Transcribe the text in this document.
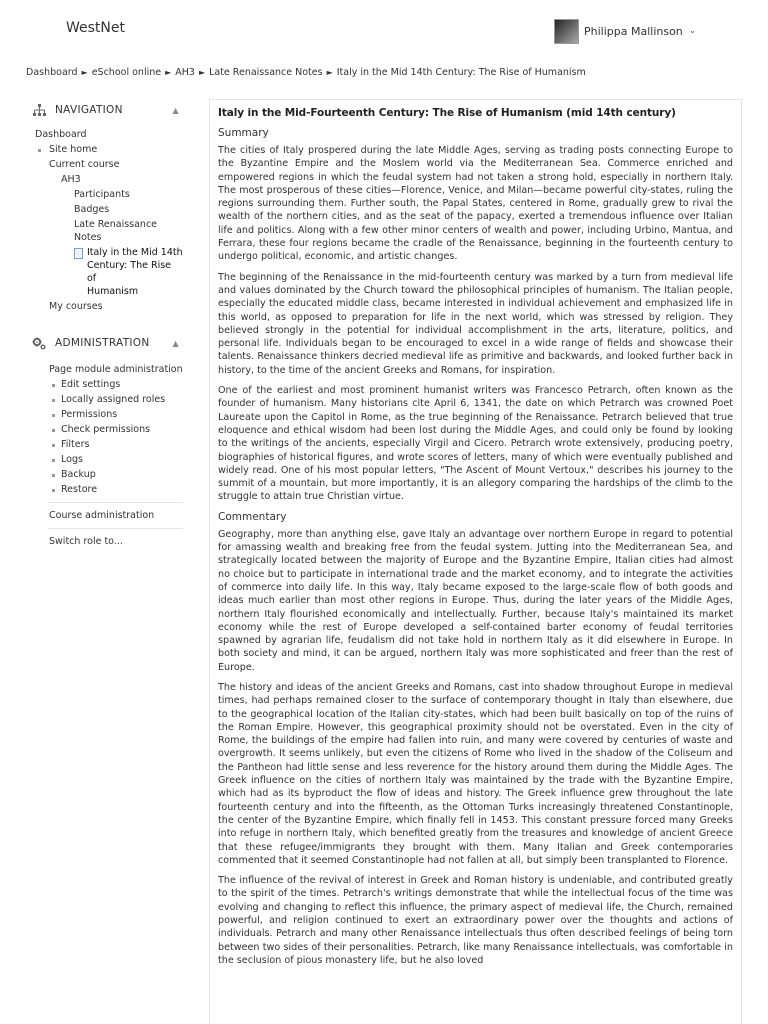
WestNet	Philippa Mallinson ⌄
Dashboard ► eSchool online ► AH3 ► Late Renaissance Notes ► Italy in the Mid 14th Century: The Rise of Humanism
NAVIGATION	▲
Dashboard
Site home
Current course
AH3
Participants
Badges
Late Renaissance Notes
Italy in the Mid 14th
Century: The Rise of
Humanism
My courses
ADMINISTRATION	▲
Page module administration
Edit settings
Locally assigned roles
Permissions
Check permissions
Filters
Logs
Backup
Restore
Course administration
Switch role to...
Italy in the Mid-Fourteenth Century: The Rise of Humanism (mid 14th century)
Summary

The cities of Italy prospered during the late Middle Ages, serving as trading posts connecting Europe to the Byzantine Empire and the Moslem world via the Mediterranean Sea. Commerce enriched and empowered regions in which the feudal system had not taken a strong hold, especially in northern Italy. The most prosperous of these cities—Florence, Venice, and Milan—became powerful city-states, ruling the regions surrounding them. Further south, the Papal States, centered in Rome, gradually grew to rival the wealth of the northern cities, and as the seat of the papacy, exerted a tremendous influence over Italian life and politics. Along with a few other minor centers of wealth and power, including Urbino, Mantua, and Ferrara, these four regions became the cradle of the Renaissance, beginning in the fourteenth century to undergo political, economic, and artistic changes.

The beginning of the Renaissance in the mid-fourteenth century was marked by a turn from medieval life and values dominated by the Church toward the philosophical principles of humanism. The Italian people, especially the educated middle class, became interested in individual achievement and emphasized life in this world, as opposed to preparation for life in the next world, which was stressed by religion. They believed strongly in the potential for individual accomplishment in the arts, literature, politics, and personal life. Individuals began to be encouraged to excel in a wide range of fields and showcase their talents. Renaissance thinkers decried medieval life as primitive and backwards, and looked further back in history, to the time of the ancient Greeks and Romans, for inspiration.

One of the earliest and most prominent humanist writers was Francesco Petrarch, often known as the founder of humanism. Many historians cite April 6, 1341, the date on which Petrarch was crowned Poet Laureate upon the Capitol in Rome, as the true beginning of the Renaissance. Petrarch believed that true eloquence and ethical wisdom had been lost during the Middle Ages, and could only be found by looking to the writings of the ancients, especially Virgil and Cicero. Petrarch wrote extensively, producing poetry, biographies of historical figures, and wrote scores of letters, many of which were eventually published and widely read. One of his most popular letters, "The Ascent of Mount Vertoux," describes his journey to the summit of a mountain, but more importantly, it is an allegory comparing the hardships of the climb to the struggle to attain true Christian virtue.

Commentary

Geography, more than anything else, gave Italy an advantage over northern Europe in regard to potential for amassing wealth and breaking free from the feudal system. Jutting into the Mediterranean Sea, and strategically located between the majority of Europe and the Byzantine Empire, Italian cities had almost no choice but to participate in international trade and the market economy, and to integrate the activities of commerce into daily life. In this way, Italy became exposed to the large-scale flow of both goods and ideas much earlier than most other regions in Europe. Thus, during the later years of the Middle Ages, northern Italy flourished economically and intellectually. Further, because Italy's maintained its market economy while the rest of Europe developed a self-contained barter economy of feudal territories spawned by agrarian life, feudalism did not take hold in northern Italy as it did elsewhere in Europe. In both society and mind, it can be argued, northern Italy was more sophisticated and freer than the rest of Europe.

The history and ideas of the ancient Greeks and Romans, cast into shadow throughout Europe in medieval times, had perhaps remained closer to the surface of contemporary thought in Italy than elsewhere, due to the geographical location of the Italian city-states, which had been built basically on top of the ruins of the Roman Empire. However, this geographical proximity should not be overstated. Even in the city of Rome, the buildings of the empire had fallen into ruin, and many were covered by centuries of waste and overgrowth. It seems unlikely, but even the citizens of Rome who lived in the shadow of the Coliseum and the Pantheon had little sense and less reverence for the history around them during the Middle Ages. The Greek influence on the cities of northern Italy was maintained by the trade with the Byzantine Empire, which had as its byproduct the flow of ideas and history. The Greek influence grew throughout the late fourteenth century and into the fifteenth, as the Ottoman Turks increasingly threatened Constantinople, the center of the Byzantine Empire, which finally fell in 1453. This constant pressure forced many Greeks into refuge in northern Italy, which benefited greatly from the treasures and knowledge of ancient Greece that these refugee/immigrants they brought with them. Many Italian and Greek contemporaries commented that it seemed Constantinople had not fallen at all, but simply been transplanted to Florence.

The influence of the revival of interest in Greek and Roman history is undeniable, and contributed greatly to the spirit of the times. Petrarch's writings demonstrate that while the intellectual focus of the time was evolving and changing to reflect this influence, the primary aspect of medieval life, the Church, remained powerful, and religion continued to exert an extraordinary power over the thoughts and actions of individuals. Petrarch and many other Renaissance intellectuals thus often described feelings of being torn between two sides of their personalities. Petrarch, like many Renaissance intellectuals, was comfortable in the seclusion of pious monastery life, but he also loved
